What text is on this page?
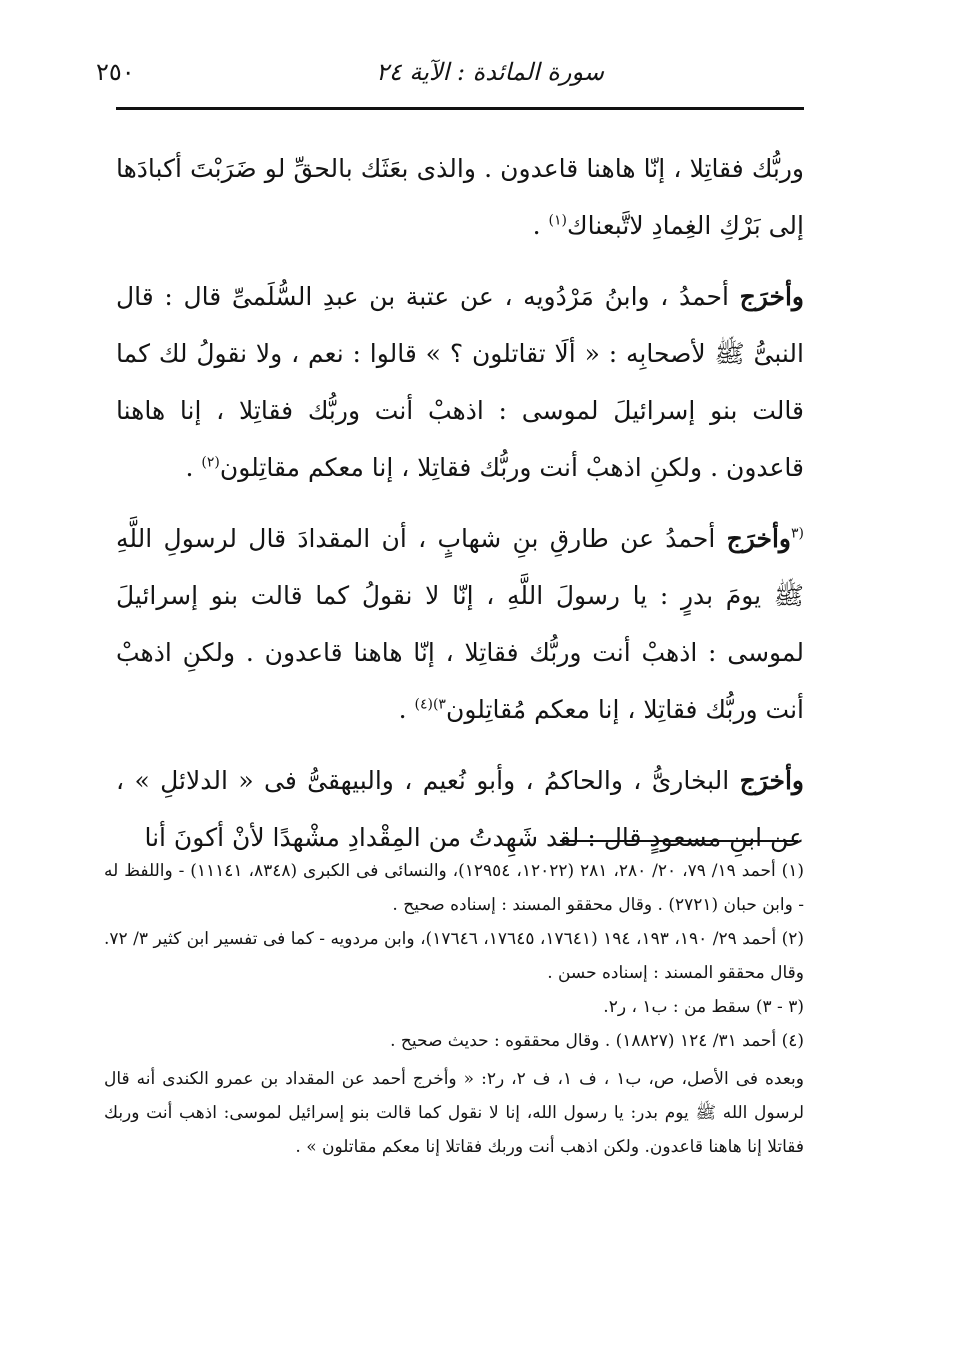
٢٥٠	سورة المائدة : الآية ٢٤

وربُّك فقاتِلا ، إنّا هاهنا قاعدون . والذى بعَثَك بالحقِّ لو ضَرَبْتَ أكبادَها إلى بَرْكِ الغِمادِ لاتَّبعناك$^{(١)}$ .

وأخرَج أحمدُ ، وابنُ مَرْدُويه ، عن عتبة بن عبدِ السُّلَمىِّ قال : قال النبىُّ ﷺ لأصحابِه : « ألَا تقاتلون ؟ » قالوا : نعم ، ولا نقولُ لك كما قالت بنو إسرائيلَ لموسى : اذهبْ أنت وربُّك فقاتِلا ، إنا هاهنا قاعدون . ولكنِ اذهبْ أنت وربُّك فقاتِلا ، إنا معكم مقاتِلون$^{(٢)}$ .

$^{(٣}$وأخرَج أحمدُ عن طارقِ بنِ شهابٍ ، أن المقدادَ قال لرسولِ اللَّهِ ﷺ يومَ بدرٍ : يا رسولَ اللَّهِ ، إنّا لا نقولُ كما قالت بنو إسرائيلَ لموسى : اذهبْ أنت وربُّك فقاتِلا ، إنّا هاهنا قاعدون . ولكنِ اذهبْ أنت وربُّك فقاتِلا ، إنا معكم مُقاتِلون$^{٣)(٤)}$ .

وأخرَج البخارىُّ ، والحاكمُ ، وأبو نُعيم ، والبيهقىُّ فى « الدلائلِ » ، عن ابنِ مسعودٍ قال : لقد شَهِدتُ من المِقْدادِ مشْهدًا لأنْ أكونَ أنا

(١) أحمد ١٩/ ٧٩، ٢٠/ ٢٨٠، ٢٨١ (١٢٠٢٢، ١٢٩٥٤)، والنسائى فى الكبرى (٨٣٤٨، ١١١٤١) - واللفظ له - وابن حبان (٢٧٢١) . وقال محققو المسند : إسناده صحيح .

(٢) أحمد ٢٩/ ١٩٠، ١٩٣، ١٩٤ (١٧٦٤١، ١٧٦٤٥، ١٧٦٤٦)، وابن مردويه - كما فى تفسير ابن كثير ٣/ ٧٢. وقال محققو المسند : إسناده حسن .

(٣ - ٣) سقط من : ب١ ، ر٢.

(٤) أحمد ٣١/ ١٢٤ (١٨٨٢٧) . وقال محققوه : حديث صحيح .

وبعده فى الأصل، ص، ب١ ، ف ١، ف ٢، ر٢: « وأخرج أحمد عن المقداد بن عمرو الكندى أنه قال لرسول الله ﷺ يوم بدر: يا رسول الله، إنا لا نقول كما قالت بنو إسرائيل لموسى: اذهب أنت وربك فقاتلا إنا هاهنا قاعدون. ولكن اذهب أنت وربك فقاتلا إنا معكم مقاتلون » .
